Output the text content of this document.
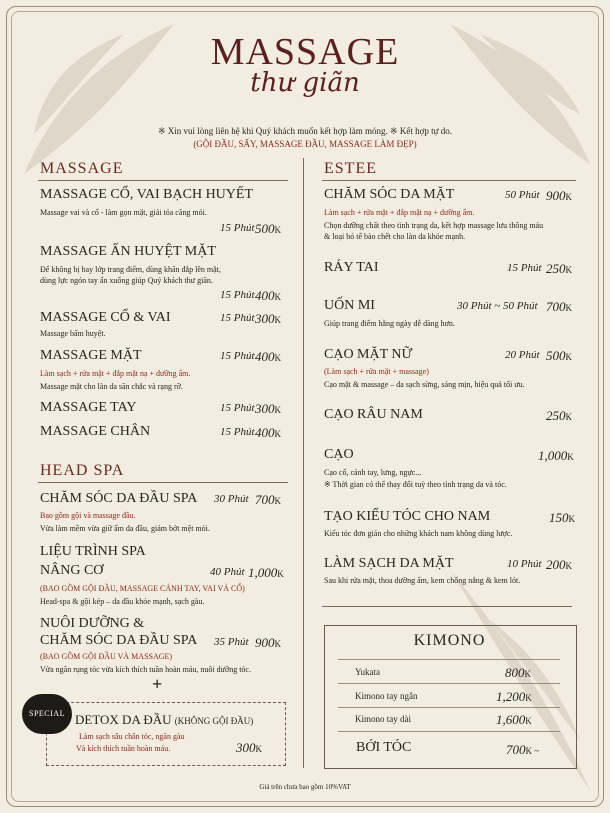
MASSAGE
thư giãn
※ Xin vui lòng liên hệ khi Quý khách muốn kết hợp làm móng. ※ Kết hợp tự do.
(GỘI ĐẦU, SẤY, MASSAGE ĐẦU, MASSAGE LÀM ĐẸP)
MASSAGE
MASSAGE CỔ, VAI BẠCH HUYẾT
Massage vai và cổ - làm gọn mặt, giải tỏa căng mỏi.
15 Phút 500K
MASSAGE ẤN HUYỆT MẶT
Để không bị bay lớp trang điểm, dùng khăn đắp lên mặt,
dùng lực ngón tay ấn xuống giúp Quý khách thư giãn.
15 Phút 400K
MASSAGE CỔ & VAI	15 Phút 300K
Massage bấm huyệt.
MASSAGE MẶT	15 Phút 400K
Làm sạch + rửa mặt + đắp mặt nạ + dưỡng ẩm.
Massage mặt cho làn da săn chắc và rạng rỡ.
MASSAGE TAY	15 Phút 300K
MASSAGE CHÂN	15 Phút 400K
HEAD SPA
CHĂM SÓC DA ĐẦU SPA 30 Phút 700K
Bao gồm gội và massage đầu.
Vừa làm mềm vừa giữ ẩm da đầu, giảm bớt mệt mỏi.
LIỆU TRÌNH SPA
NÂNG CƠ	40 Phút 1,000K
(BAO GỒM GỘI ĐẦU, MASSAGE CÁNH TAY, VAI VÀ CỔ)
Head-spa & gội kép – da đầu khỏe mạnh, sạch gàu.
NUÔI DƯỠNG &
CHĂM SÓC DA ĐẦU SPA 35 Phút 900K
(BAO GỒM GỘI ĐẦU VÀ MASSAGE)
Vừa ngăn rụng tóc vừa kích thích tuần hoàn máu, nuôi dưỡng tóc.
+
SPECIAL DETOX DA ĐẦU (KHÔNG GỘI ĐẦU)
Làm sạch sâu chân tóc, ngăn gàu
Và kích thích tuần hoàn máu.	300K
ESTEE
CHĂM SÓC DA MẶT	50 Phút 900K
Làm sạch + rửa mặt + đắp mặt nạ + dưỡng ẩm.
Chọn dưỡng chất theo tình trạng da, kết hợp massage lưu thông máu
& loại bỏ tế bào chết cho làn da khỏe mạnh.
RÁY TAI	15 Phút 250K
UỐN MI	30 Phút ~ 50 Phút 700K
Giúp trang điểm hằng ngày dễ dàng hơn.
CẠO MẶT NỮ	20 Phút 500K
(Làm sạch + rửa mặt + massage)
Cạo mặt & massage – da sạch sừng, sáng mịn, hiệu quả tối ưu.
CẠO RÂU NAM	250K
CẠO	1,000K
Cạo cổ, cánh tay, lưng, ngực...
※ Thời gian có thể thay đổi tuỳ theo tình trạng da và tóc.
TẠO KIỂU TÓC CHO NAM	150K
Kiểu tóc đơn giản cho những khách nam không dùng lược.
LÀM SẠCH DA MẶT	10 Phút 200K
Sau khi rửa mặt, thoa dưỡng ẩm, kem chống nắng & kem lót.
KIMONO
Yukata	800K
Kimono tay ngắn	1,200K
Kimono tay dài	1,600K
BỚI TÓC	700K ~
Giá trên chưa bao gồm 10%VAT
